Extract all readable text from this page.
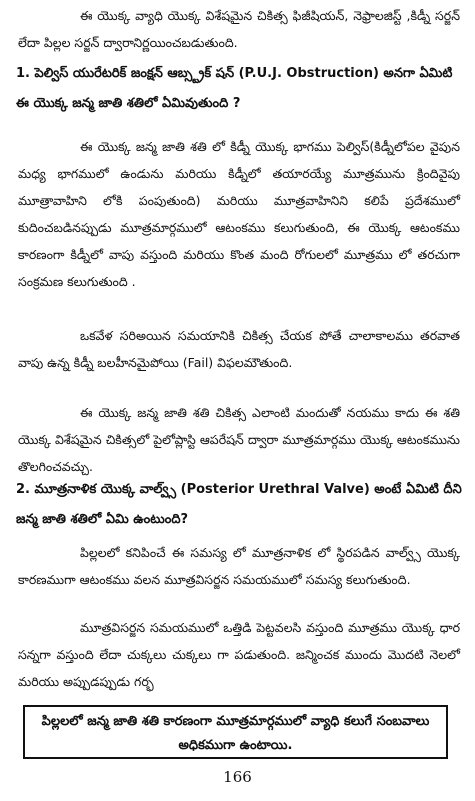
ఈ యొక్క వ్యాధి యొక్క విశేషమైన చికిత్స ఫిజీషియన్, నెఫ్రాలజిస్ట్ ,కిడ్నీ సర్జన్ లేదా పిల్లల సర్జన్ ద్వారానిర్ణయించబడుతుంది.

1. పెల్విస్ యురేటరిక్ జంక్షన్ ఆబ్స్ట్రక్ షన్ (P.U.J. Obstruction) అనగా ఏమిటి ఈ యొక్క జన్మ జాతి శతిలో ఏమివుతుంది ?

ఈ యొక్క జన్మ జాతి శతి లో కిడ్నీ యొక్క భాగము పెల్విస్(కిడ్నీలోపల వైపున మధ్య భాగములో ఉండును మరియు కిడ్నీలో తయారయ్యే మూత్రమును క్రిందివైపు మూత్రావాహిని లోకి పంపుతుంది) మరియు మూత్రవాహినిని కలిపే ప్రదేశములో కుదించబడినప్పుడు మూత్రమార్గములో ఆటంకము కలుగుతుంది, ఈ యొక్క ఆటంకము కారణంగా కిడ్నీలో వాపు వస్తుంది మరియు కొంత మంది రోగులలో మూత్రము లో తరచుగా సంక్రమణ కలుగుతుంది .

ఒకవేళ సరిఅయిన సమయానికి చికిత్స చేయక పోతే చాలాకాలము తరవాత వాపు ఉన్న కిడ్నీ బలహీనమైపోయి (Fail) విఫలమౌతుంది.

ఈ యొక్క జన్మ జాతి శతి చికిత్స ఎలాంటి మందుతో నయము కాదు ఈ శతి యొక్క విశేషమైన చికిత్సలో పైలోప్లాస్టి ఆపరేషన్ ద్వారా మూత్రమార్గము యొక్క ఆటంకమును తొలగించవచ్చు.

2. మూత్రనాళిక యొక్క వాల్వ్స్ (Posterior Urethral Valve) అంటే ఏమిటి దీని జన్మ జాతి శతిలో ఏమి ఉంటుంది?

పిల్లలలో కనిపించే ఈ సమస్య లో మూత్రనాళిక లో స్థిరపడిన వాల్వ్స్ యొక్క కారణముగా ఆటంకము వలన మూత్రవిసర్జన సమయములో సమస్య కలుగుతుంది.

మూత్రవిసర్జన సమయములో ఒత్తిడి పెట్టవలసి వస్తుంది మూత్రము యొక్క ధార సన్నగా వస్తుంది లేదా చుక్కలు చుక్కలు గా పడుతుంది. జన్మించక ముందు మొదటి నెలలో మరియు అప్పుడప్పుడు గర్భ

పిల్లలలో జన్మ జాతి శతి కారణంగా మూత్రమార్గములో వ్యాధి కలుగే సంబవాలు అధికముగా ఉంటాయి.
166
